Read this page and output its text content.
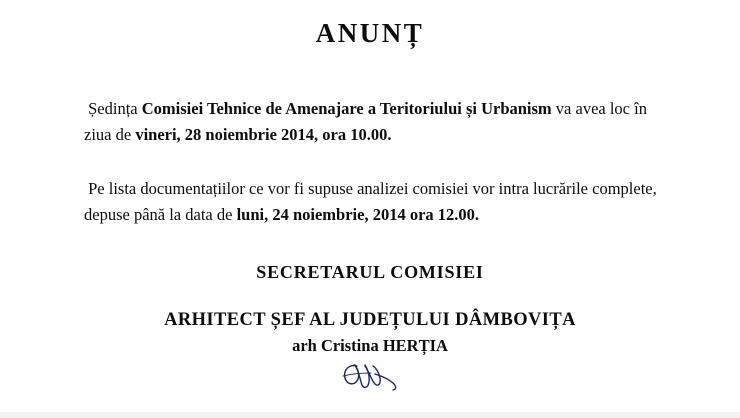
ANUNȚ
Ședința Comisiei Tehnice de Amenajare a Teritoriului și Urbanism va avea loc în ziua de vineri, 28 noiembrie 2014, ora 10.00.
Pe lista documentațiilor ce vor fi supuse analizei comisiei vor intra lucrările complete, depuse până la data de luni, 24 noiembrie, 2014 ora 12.00.
SECRETARUL COMISIEI
ARHITECT ȘEF AL JUDEȚULUI DÂMBOVIȚA
arh Cristina HERȚIA
